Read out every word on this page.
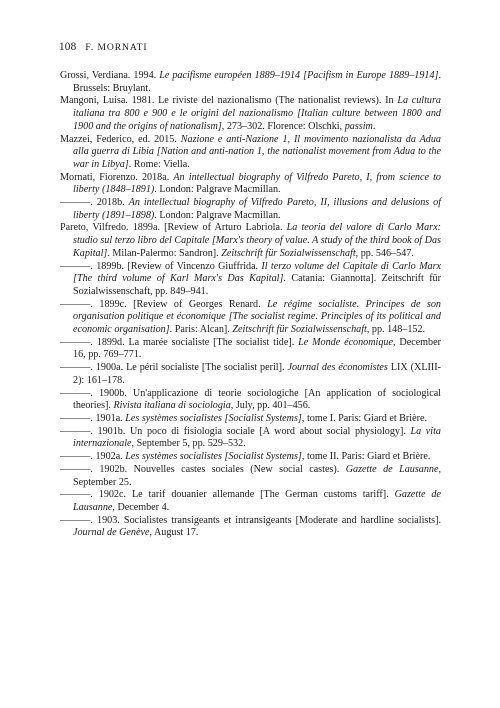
108 F. MORNATI

Grossi, Verdiana. 1994. Le pacifisme européen 1889–1914 [Pacifism in Europe 1889–1914]. Brussels: Bruylant.

Mangoni, Luisa. 1981. Le riviste del nazionalismo (The nationalist reviews). In La cultura italiana tra 800 e 900 e le origini del nazionalismo [Italian culture between 1800 and 1900 and the origins of nationalism], 273–302. Florence: Olschki, passim.

Mazzei, Federico, ed. 2015. Nazione e anti-Nazione 1, Il movimento nazionalista da Adua alla guerra di Libia [Nation and anti-nation 1, the nationalist movement from Adua to the war in Libya]. Rome: Viella.

Mornati, Fiorenzo. 2018a. An intellectual biography of Vilfredo Pareto, I, from science to liberty (1848–1891). London: Palgrave Macmillan.

———. 2018b. An intellectual biography of Vilfredo Pareto, II, illusions and delusions of liberty (1891–1898). London: Palgrave Macmillan.

Pareto, Vilfredo. 1899a. [Review of Arturo Labriola. La teoria del valore di Carlo Marx: studio sul terzo libro del Capitale [Marx's theory of value. A study of the third book of Das Kapital]. Milan-Palermo: Sandron]. Zeitschrift für Sozialwissenschaft, pp. 546–547.

———. 1899b. [Review of Vincenzo Giuffrida. Il terzo volume del Capitale di Carlo Marx [The third volume of Karl Marx's Das Kapital]. Catania: Giannotta]. Zeitschrift für Sozialwissenschaft, pp. 849–941.

———. 1899c. [Review of Georges Renard. Le régime socialiste. Principes de son organisation politique et économique [The socialist regime. Principles of its political and economic organisation]. Paris: Alcan]. Zeitschrift für Sozialwissenschaft, pp. 148–152.

———. 1899d. La marée socialiste [The socialist tide]. Le Monde économique, December 16, pp. 769–771.

———. 1900a. Le péril socialiste [The socialist peril]. Journal des économistes LIX (XLIII-2): 161–178.

———. 1900b. Un'applicazione di teorie sociologiche [An application of sociological theories]. Rivista italiana di sociologia, July, pp. 401–456.

———. 1901a. Les systèmes socialistes [Socialist Systems], tome I. Paris: Giard et Brière.

———. 1901b. Un poco di fisiologia sociale [A word about social physiology]. La vita internazionale, September 5, pp. 529–532.

———. 1902a. Les systèmes socialistes [Socialist Systems], tome II. Paris: Giard et Brière.

———. 1902b. Nouvelles castes sociales (New social castes). Gazette de Lausanne, September 25.

———. 1902c. Le tarif douanier allemande [The German customs tariff]. Gazette de Lausanne, December 4.

———. 1903. Socialistes transigeants et intransigeants [Moderate and hardline socialists]. Journal de Genève, August 17.
